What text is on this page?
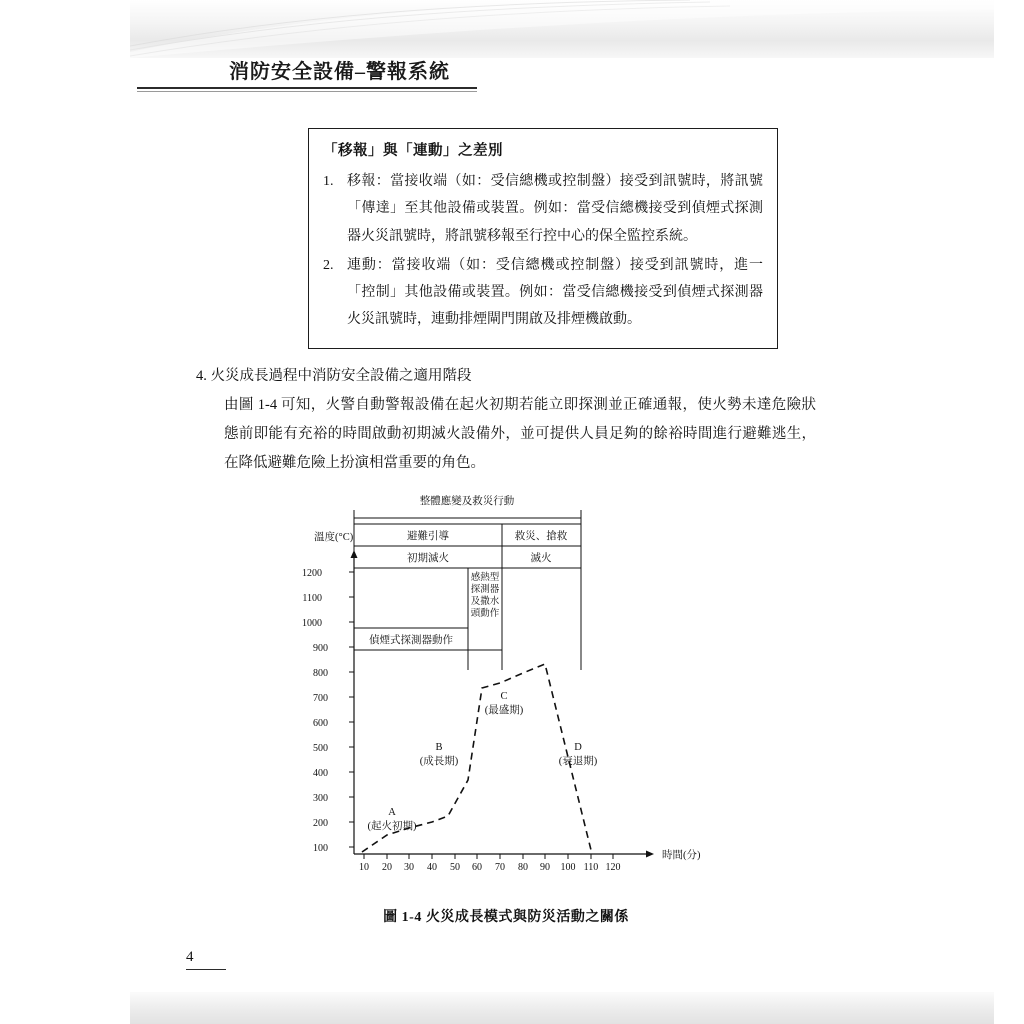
消防安全設備–警報系統
「移報」與「連動」之差別
1. 移報：當接收端（如：受信總機或控制盤）接受到訊號時，將訊號「傳達」至其他設備或裝置。例如：當受信總機接受到偵煙式探測器火災訊號時，將訊號移報至行控中心的保全監控系統。
2. 連動：當接收端（如：受信總機或控制盤）接受到訊號時，進一「控制」其他設備或裝置。例如：當受信總機接受到偵煙式探測器火災訊號時，連動排煙閘門開啟及排煙機啟動。
4. 火災成長過程中消防安全設備之適用階段
由圖 1-4 可知，火警自動警報設備在起火初期若能立即探測並正確通報，使火勢未達危險狀態前即能有充裕的時間啟動初期滅火設備外，並可提供人員足夠的餘裕時間進行避難逃生，在降低避難危險上扮演相當重要的角色。
整體應變及救災行動
避難引導	救災、搶救
初期滅火	滅火
感熱型
探測器
及撒水
頭動作
偵煙式探測器動作
溫度(°C)
時間(分)
1200
1100
1000
900
800
700
600
500
400
300
200
100
10 20 30 40 50 60 70 80 90 100 110 120
A
(起火初期)
B
(成長期)
C
(最盛期)
D
(衰退期)
圖 1-4 火災成長模式與防災活動之關係
4
